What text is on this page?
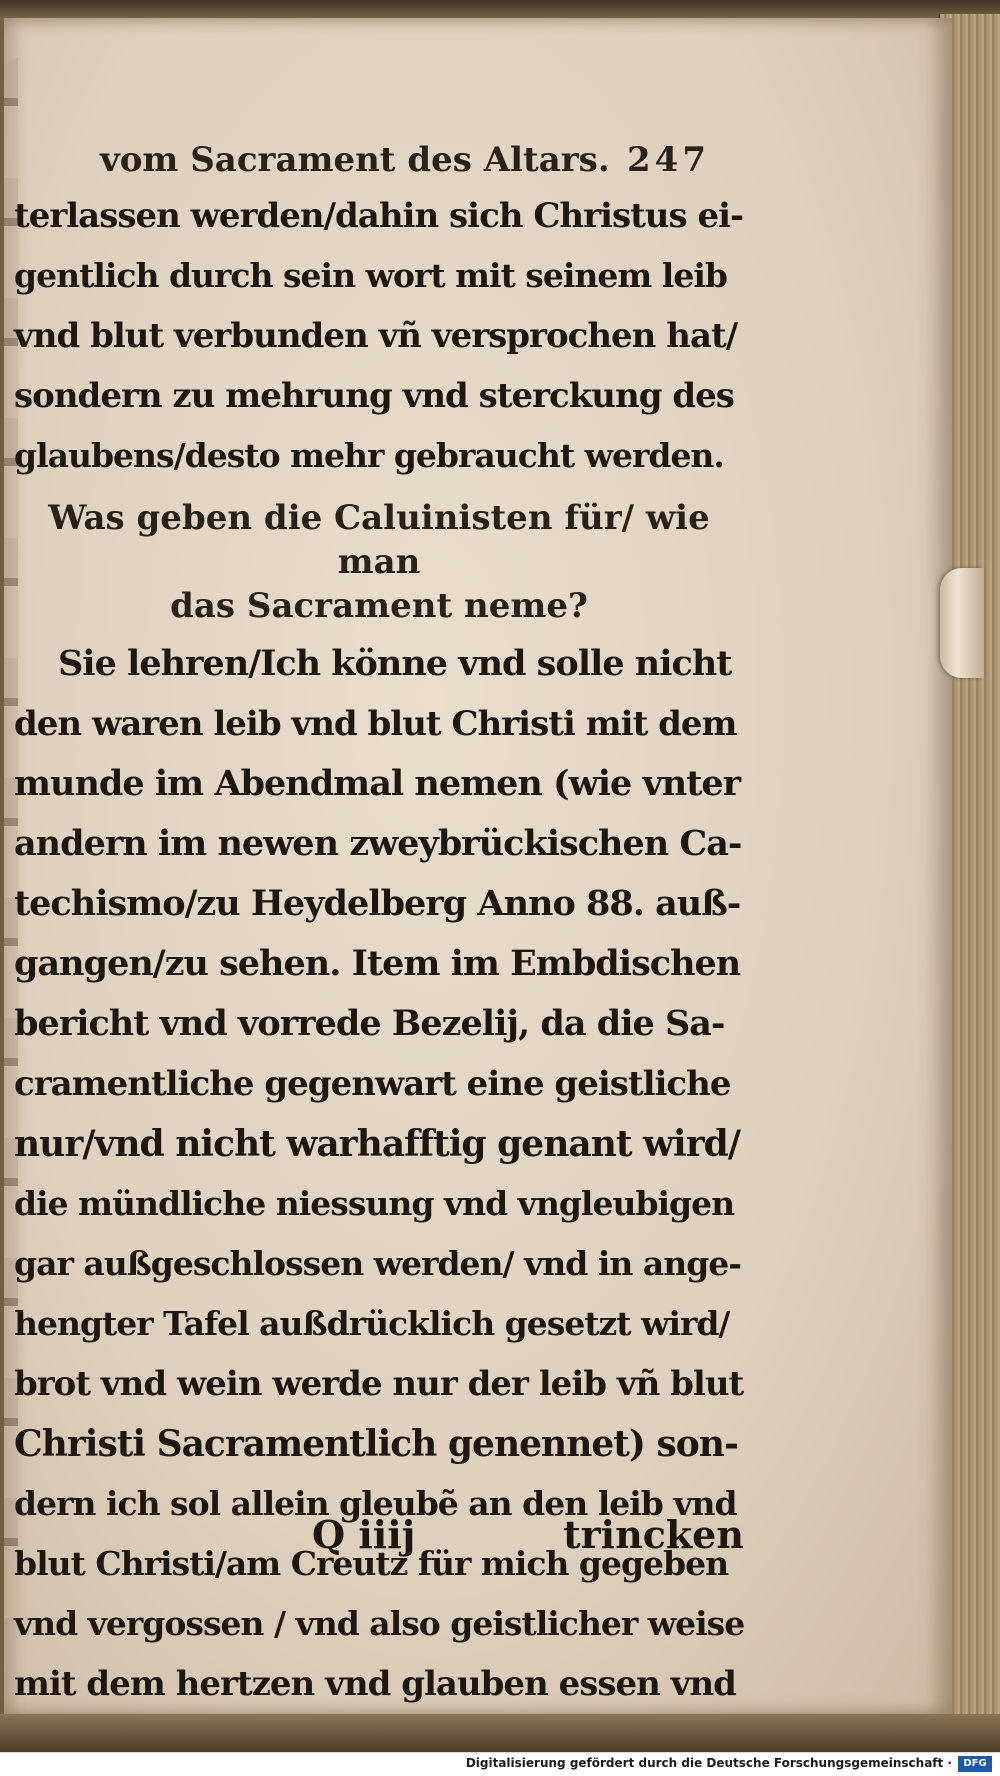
vom Sacrament des Altars. 247
terlassen werden/dahin sich Christus ei-
gentlich durch sein wort mit seinem leib
vnd blut verbunden vñ versprochen hat/
sondern zu mehrung vnd sterckung des
glaubens/desto mehr gebraucht werden.
Was geben die Caluinisten für/ wie man
das Sacrament neme?
Sie lehren/Ich könne vnd solle nicht
den waren leib vnd blut Christi mit dem
munde im Abendmal nemen (wie vnter
andern im newen zweybrückischen Ca-
techismo/zu Heydelberg Anno 88. auß-
gangen/zu sehen. Item im Embdischen
bericht vnd vorrede Bezelij, da die Sa-
cramentliche gegenwart eine geistliche
nur/vnd nicht warhafftig genant wird/
die mündliche niessung vnd vngleubigen
gar außgeschlossen werden/ vnd in ange-
hengter Tafel außdrücklich gesetzt wird/
brot vnd wein werde nur der leib vñ blut
Christi Sacramentlich genennet) son-
dern ich sol allein gleubẽ an den leib vnd
blut Christi/am Creutz für mich gegeben
vnd vergossen / vnd also geistlicher weise
mit dem hertzen vnd glauben essen vnd
Q iiij	trincken
Digitalisierung gefördert durch die Deutsche Forschungsgemeinschaft ·	DFG
